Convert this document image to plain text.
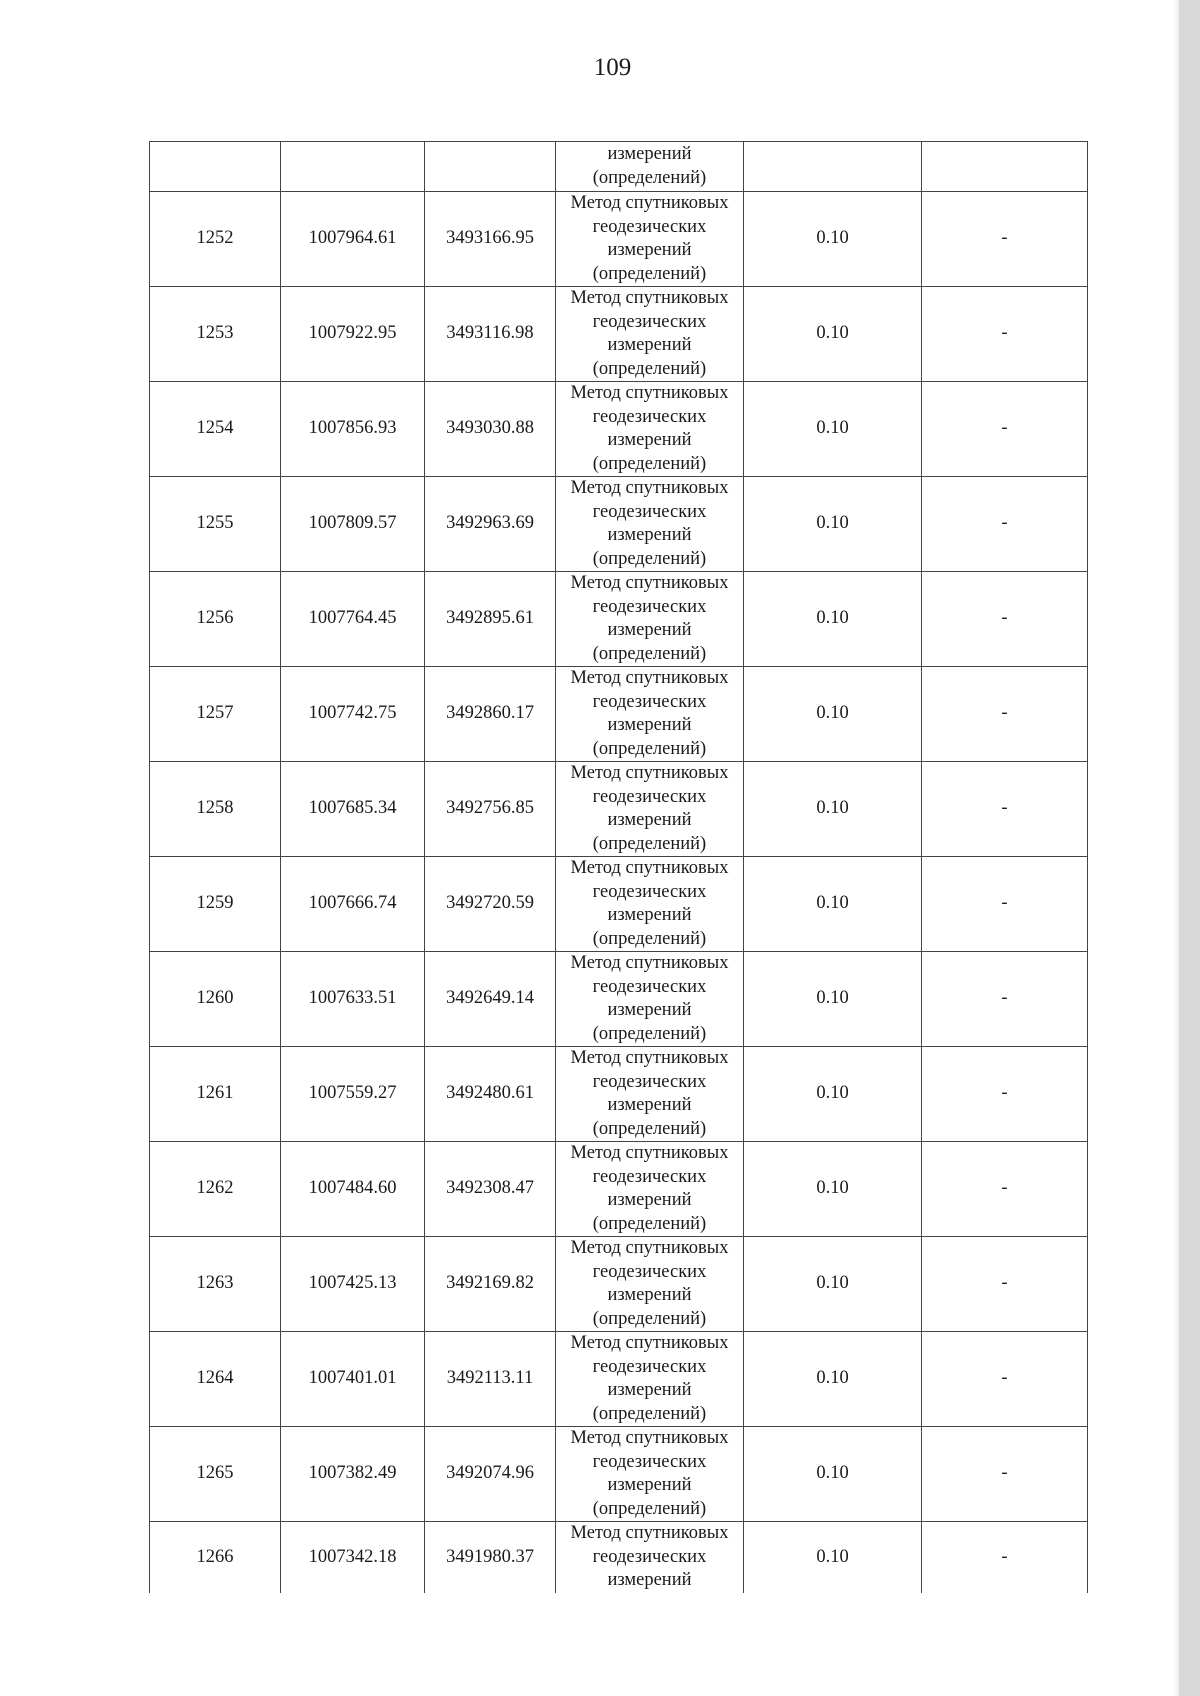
109

			измерений
(определений)		

1252	1007964.61	3493166.95	Метод спутниковых
геодезических
измерений
(определений)	0.10	-
1253	1007922.95	3493116.98	Метод спутниковых
геодезических
измерений
(определений)	0.10	-
1254	1007856.93	3493030.88	Метод спутниковых
геодезических
измерений
(определений)	0.10	-
1255	1007809.57	3492963.69	Метод спутниковых
геодезических
измерений
(определений)	0.10	-
1256	1007764.45	3492895.61	Метод спутниковых
геодезических
измерений
(определений)	0.10	-
1257	1007742.75	3492860.17	Метод спутниковых
геодезических
измерений
(определений)	0.10	-
1258	1007685.34	3492756.85	Метод спутниковых
геодезических
измерений
(определений)	0.10	-
1259	1007666.74	3492720.59	Метод спутниковых
геодезических
измерений
(определений)	0.10	-
1260	1007633.51	3492649.14	Метод спутниковых
геодезических
измерений
(определений)	0.10	-
1261	1007559.27	3492480.61	Метод спутниковых
геодезических
измерений
(определений)	0.10	-
1262	1007484.60	3492308.47	Метод спутниковых
геодезических
измерений
(определений)	0.10	-
1263	1007425.13	3492169.82	Метод спутниковых
геодезических
измерений
(определений)	0.10	-
1264	1007401.01	3492113.11	Метод спутниковых
геодезических
измерений
(определений)	0.10	-
1265	1007382.49	3492074.96	Метод спутниковых
геодезических
измерений
(определений)	0.10	-
1266	1007342.18	3491980.37	Метод спутниковых
геодезических
измерений	0.10	-
